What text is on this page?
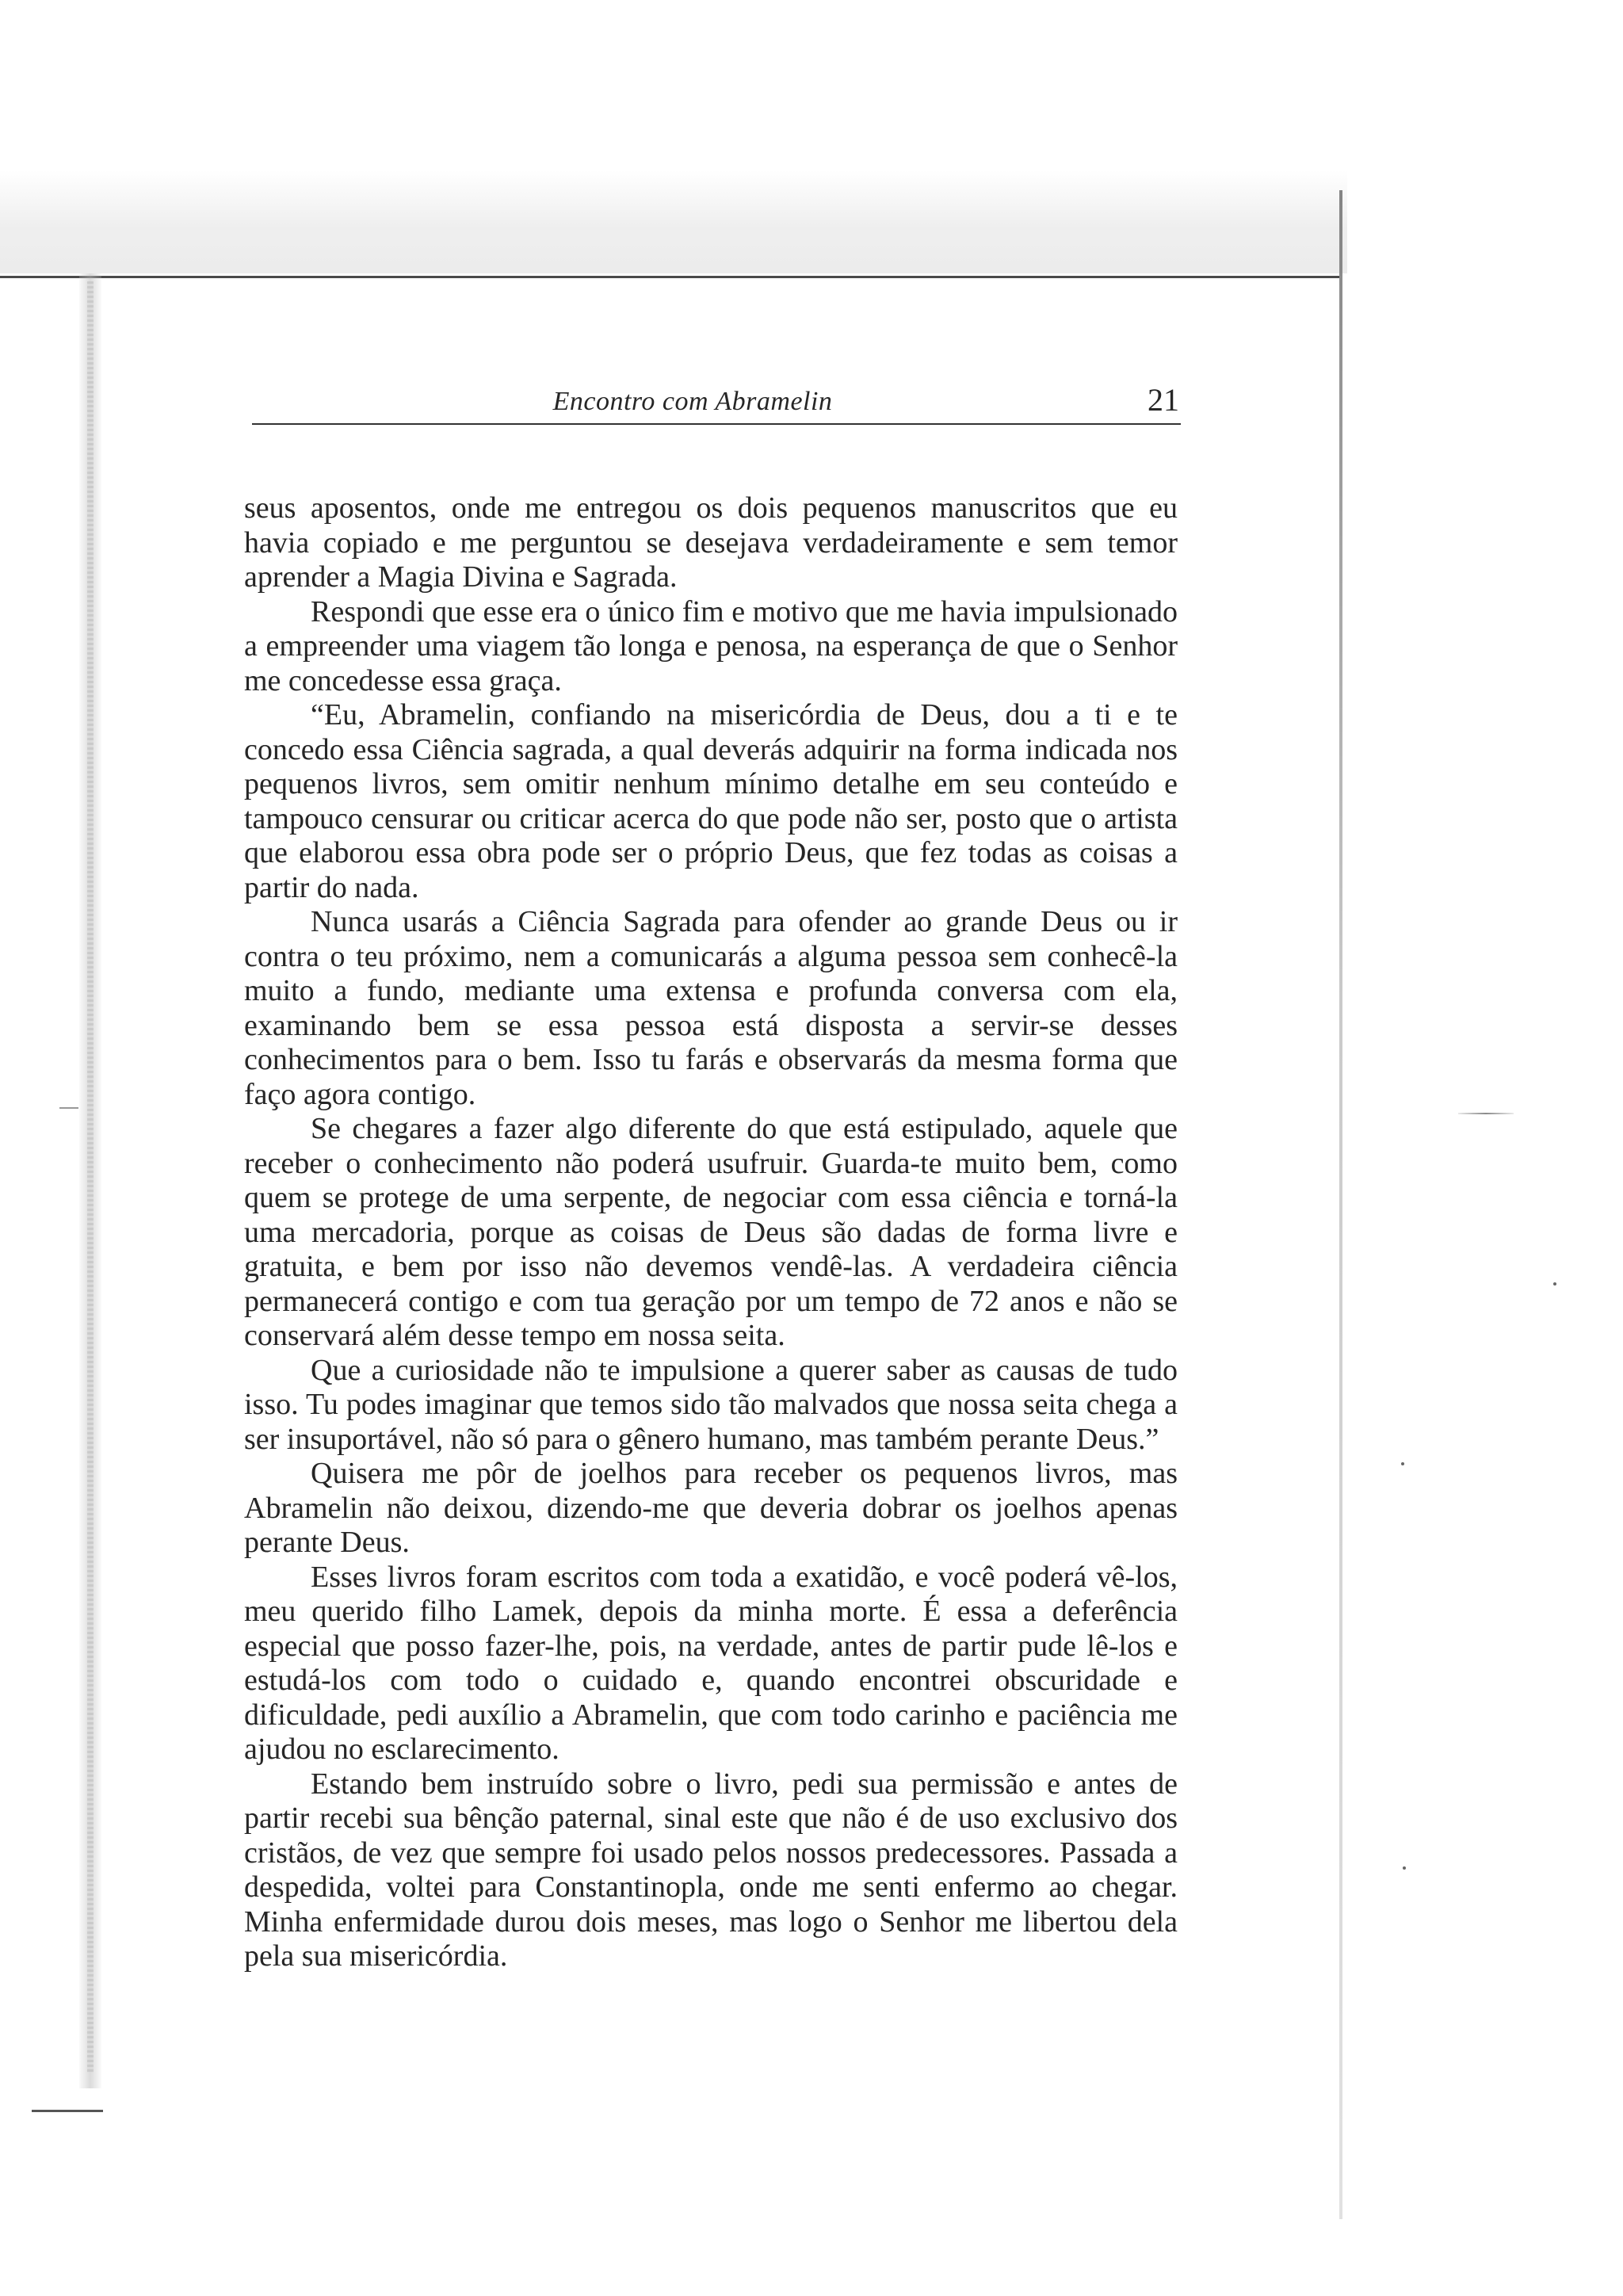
Encontro com Abramelin	21

seus aposentos, onde me entregou os dois pequenos manuscritos que eu havia copiado e me perguntou se desejava verdadeiramente e sem temor aprender a Magia Divina e Sagrada.

Respondi que esse era o único fim e motivo que me havia impulsionado a empreender uma viagem tão longa e penosa, na esperança de que o Senhor me concedesse essa graça.

“Eu, Abramelin, confiando na misericórdia de Deus, dou a ti e te concedo essa Ciência sagrada, a qual deverás adquirir na forma indicada nos pequenos livros, sem omitir nenhum mínimo detalhe em seu conteúdo e tampouco censurar ou criticar acerca do que pode não ser, posto que o artista que elaborou essa obra pode ser o próprio Deus, que fez todas as coisas a partir do nada.

Nunca usarás a Ciência Sagrada para ofender ao grande Deus ou ir contra o teu próximo, nem a comunicarás a alguma pessoa sem conhecê-la muito a fundo, mediante uma extensa e profunda conversa com ela, examinando bem se essa pessoa está disposta a servir-se desses conhecimentos para o bem. Isso tu farás e observarás da mesma forma que faço agora contigo.

Se chegares a fazer algo diferente do que está estipulado, aquele que receber o conhecimento não poderá usufruir. Guarda-te muito bem, como quem se protege de uma serpente, de negociar com essa ciência e torná-la uma mercadoria, porque as coisas de Deus são dadas de forma livre e gratuita, e bem por isso não devemos vendê-las. A verdadeira ciência permanecerá contigo e com tua geração por um tempo de 72 anos e não se conservará além desse tempo em nossa seita.

Que a curiosidade não te impulsione a querer saber as causas de tudo isso. Tu podes imaginar que temos sido tão malvados que nossa seita chega a ser insuportável, não só para o gênero humano, mas também perante Deus.”

Quisera me pôr de joelhos para receber os pequenos livros, mas Abramelin não deixou, dizendo-me que deveria dobrar os joelhos apenas perante Deus.

Esses livros foram escritos com toda a exatidão, e você poderá vê-los, meu querido filho Lamek, depois da minha morte. É essa a deferência especial que posso fazer-lhe, pois, na verdade, antes de partir pude lê-los e estudá-los com todo o cuidado e, quando encontrei obscuridade e dificuldade, pedi auxílio a Abramelin, que com todo carinho e paciência me ajudou no esclarecimento.

Estando bem instruído sobre o livro, pedi sua permissão e antes de partir recebi sua bênção paternal, sinal este que não é de uso exclusivo dos cristãos, de vez que sempre foi usado pelos nossos predecessores. Passada a despedida, voltei para Constantinopla, onde me senti enfermo ao chegar. Minha enfermidade durou dois meses, mas logo o Senhor me libertou dela pela sua misericórdia.
